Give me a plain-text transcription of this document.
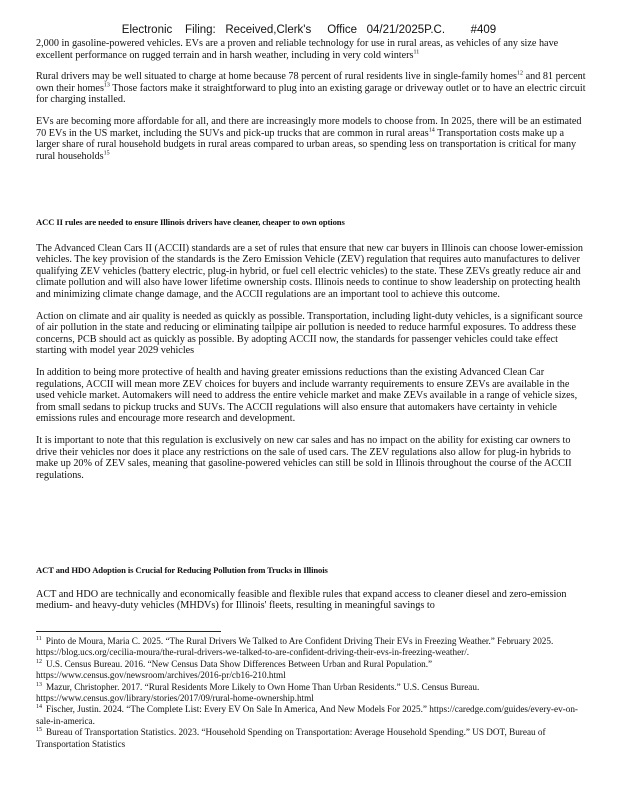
Electronic    Filing:   Received,Clerk's     Office   04/21/2025P.C.        #409

2,000 in gasoline-powered vehicles. EVs are a proven and reliable technology for use in rural areas, as vehicles of any size have excellent performance on rugged terrain and in harsh weather, including in very cold winters$^{11}$

Rural drivers may be well situated to charge at home because 78 percent of rural residents live in single-family homes$^{12}$ and 81 percent own their homes$^{13}$ Those factors make it straightforward to plug into an existing garage or driveway outlet or to have an electric circuit for charging installed.

EVs are becoming more affordable for all, and there are increasingly more models to choose from. In 2025, there will be an estimated 70 EVs in the US market, including the SUVs and pick-up trucks that are common in rural areas$^{14}$ Transportation costs make up a larger share of rural household budgets in rural areas compared to urban areas, so spending less on transportation is critical for many rural households$^{15}$

ACC II rules are needed to ensure Illinois drivers have cleaner, cheaper to own options

The Advanced Clean Cars II (ACCII) standards are a set of rules that ensure that new car buyers in Illinois can choose lower-emission vehicles. The key provision of the standards is the Zero Emission Vehicle (ZEV) regulation that requires auto manufactures to deliver qualifying ZEV vehicles (battery electric, plug-in hybrid, or fuel cell electric vehicles) to the state. These ZEVs greatly reduce air and climate pollution and will also have lower lifetime ownership costs. Illinois needs to continue to show leadership on protecting health and minimizing climate change damage, and the ACCII regulations are an important tool to achieve this outcome.

Action on climate and air quality is needed as quickly as possible. Transportation, including light-duty vehicles, is a significant source of air pollution in the state and reducing or eliminating tailpipe air pollution is needed to reduce harmful exposures. To address these concerns, PCB should act as quickly as possible. By adopting ACCII now, the standards for passenger vehicles could take effect starting with model year 2029 vehicles

In addition to being more protective of health and having greater emissions reductions than the existing Advanced Clean Car regulations, ACCII will mean more ZEV choices for buyers and include warranty requirements to ensure ZEVs are available in the used vehicle market. Automakers will need to address the entire vehicle market and make ZEVs available in a range of vehicle sizes, from small sedans to pickup trucks and SUVs. The ACCII regulations will also ensure that automakers have certainty in vehicle emissions rules and encourage more research and development.

It is important to note that this regulation is exclusively on new car sales and has no impact on the ability for existing car owners to drive their vehicles nor does it place any restrictions on the sale of used cars. The ZEV regulations also allow for plug-in hybrids to make up 20% of ZEV sales, meaning that gasoline-powered vehicles can still be sold in Illinois throughout the course of the ACCII regulations.

ACT and HDO Adoption is Crucial for Reducing Pollution from Trucks in Illinois

ACT and HDO are technically and economically feasible and flexible rules that expand access to cleaner diesel and zero-emission medium- and heavy-duty vehicles (MHDVs) for Illinois' fleets, resulting in meaningful savings to

$^{11}$ Pinto de Moura, Maria C. 2025. “The Rural Drivers We Talked to Are Confident Driving Their EVs in Freezing Weather.” February 2025. https://blog.ucs.org/cecilia-moura/the-rural-drivers-we-talked-to-are-confident-driving-their-evs-in-freezing-weather/.
$^{12}$ U.S. Census Bureau. 2016. “New Census Data Show Differences Between Urban and Rural Population.” https://www.census.gov/newsroom/archives/2016-pr/cb16-210.html
$^{13}$ Mazur, Christopher. 2017. “Rural Residents More Likely to Own Home Than Urban Residents.” U.S. Census Bureau. https://www.census.gov/library/stories/2017/09/rural-home-ownership.html
$^{14}$ Fischer, Justin. 2024. “The Complete List: Every EV On Sale In America, And New Models For 2025.” https://caredge.com/guides/every-ev-on-sale-in-america.
$^{15}$ Bureau of Transportation Statistics. 2023. “Household Spending on Transportation: Average Household Spending.” US DOT, Bureau of Transportation Statistics
